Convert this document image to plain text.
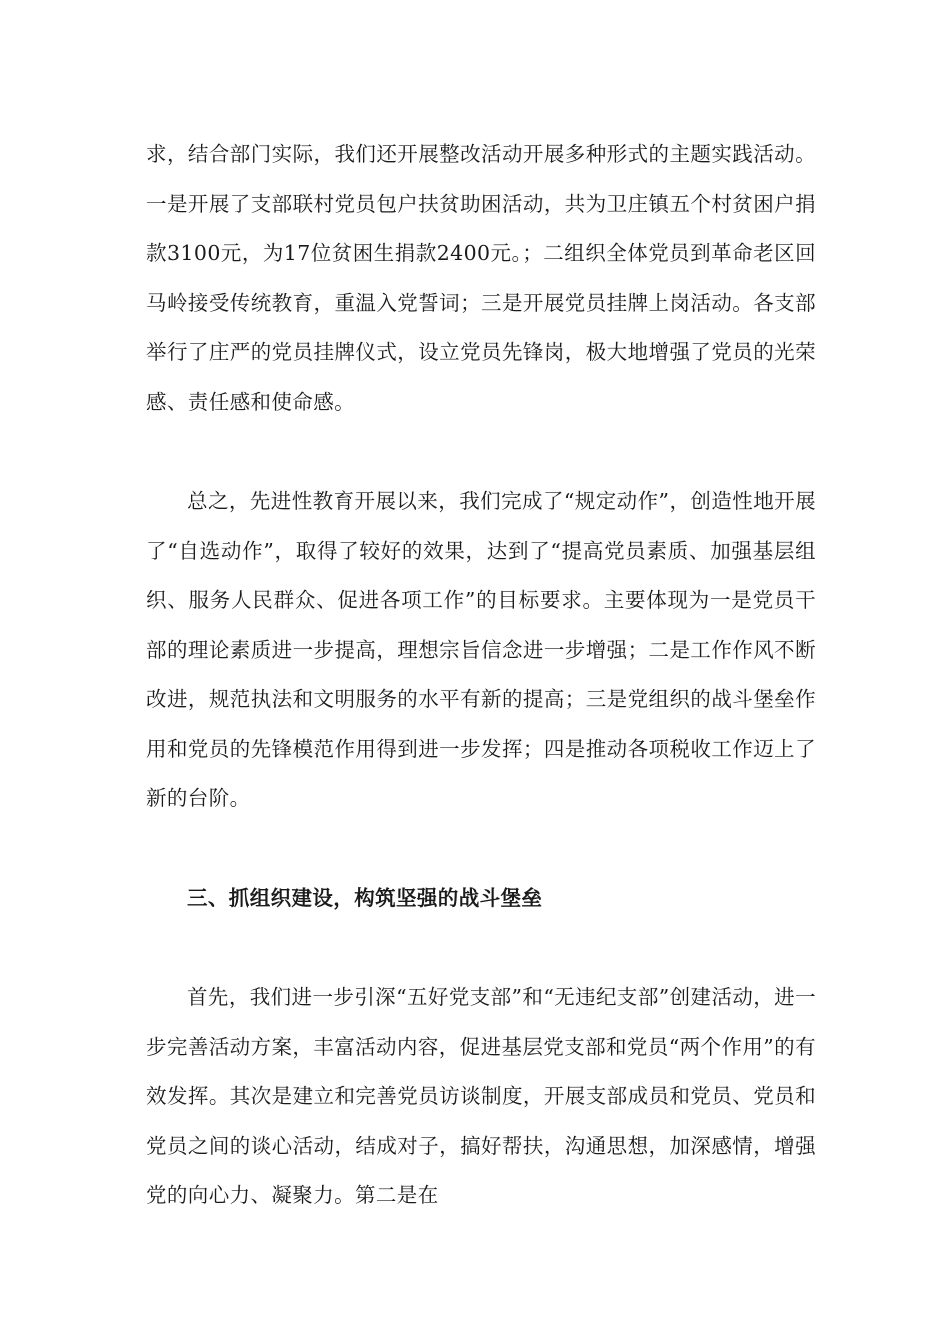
求，结合部门实际，我们还开展整改活动开展多种形式的主题实践活动。一是开展了支部联村党员包户扶贫助困活动，共为卫庄镇五个村贫困户捐款3100元，为17位贫困生捐款2400元。；二组织全体党员到革命老区回马岭接受传统教育，重温入党誓词；三是开展党员挂牌上岗活动。各支部举行了庄严的党员挂牌仪式，设立党员先锋岗，极大地增强了党员的光荣感、责任感和使命感。

总之，先进性教育开展以来，我们完成了“规定动作”，创造性地开展了“自选动作”，取得了较好的效果，达到了“提高党员素质、加强基层组织、服务人民群众、促进各项工作”的目标要求。主要体现为一是党员干部的理论素质进一步提高，理想宗旨信念进一步增强；二是工作作风不断改进，规范执法和文明服务的水平有新的提高；三是党组织的战斗堡垒作用和党员的先锋模范作用得到进一步发挥；四是推动各项税收工作迈上了新的台阶。

三、抓组织建设，构筑坚强的战斗堡垒

首先，我们进一步引深“五好党支部”和“无违纪支部”创建活动，进一步完善活动方案，丰富活动内容，促进基层党支部和党员“两个作用”的有效发挥。其次是建立和完善党员访谈制度，开展支部成员和党员、党员和党员之间的谈心活动，结成对子，搞好帮扶，沟通思想，加深感情，增强党的向心力、凝聚力。第二是在
